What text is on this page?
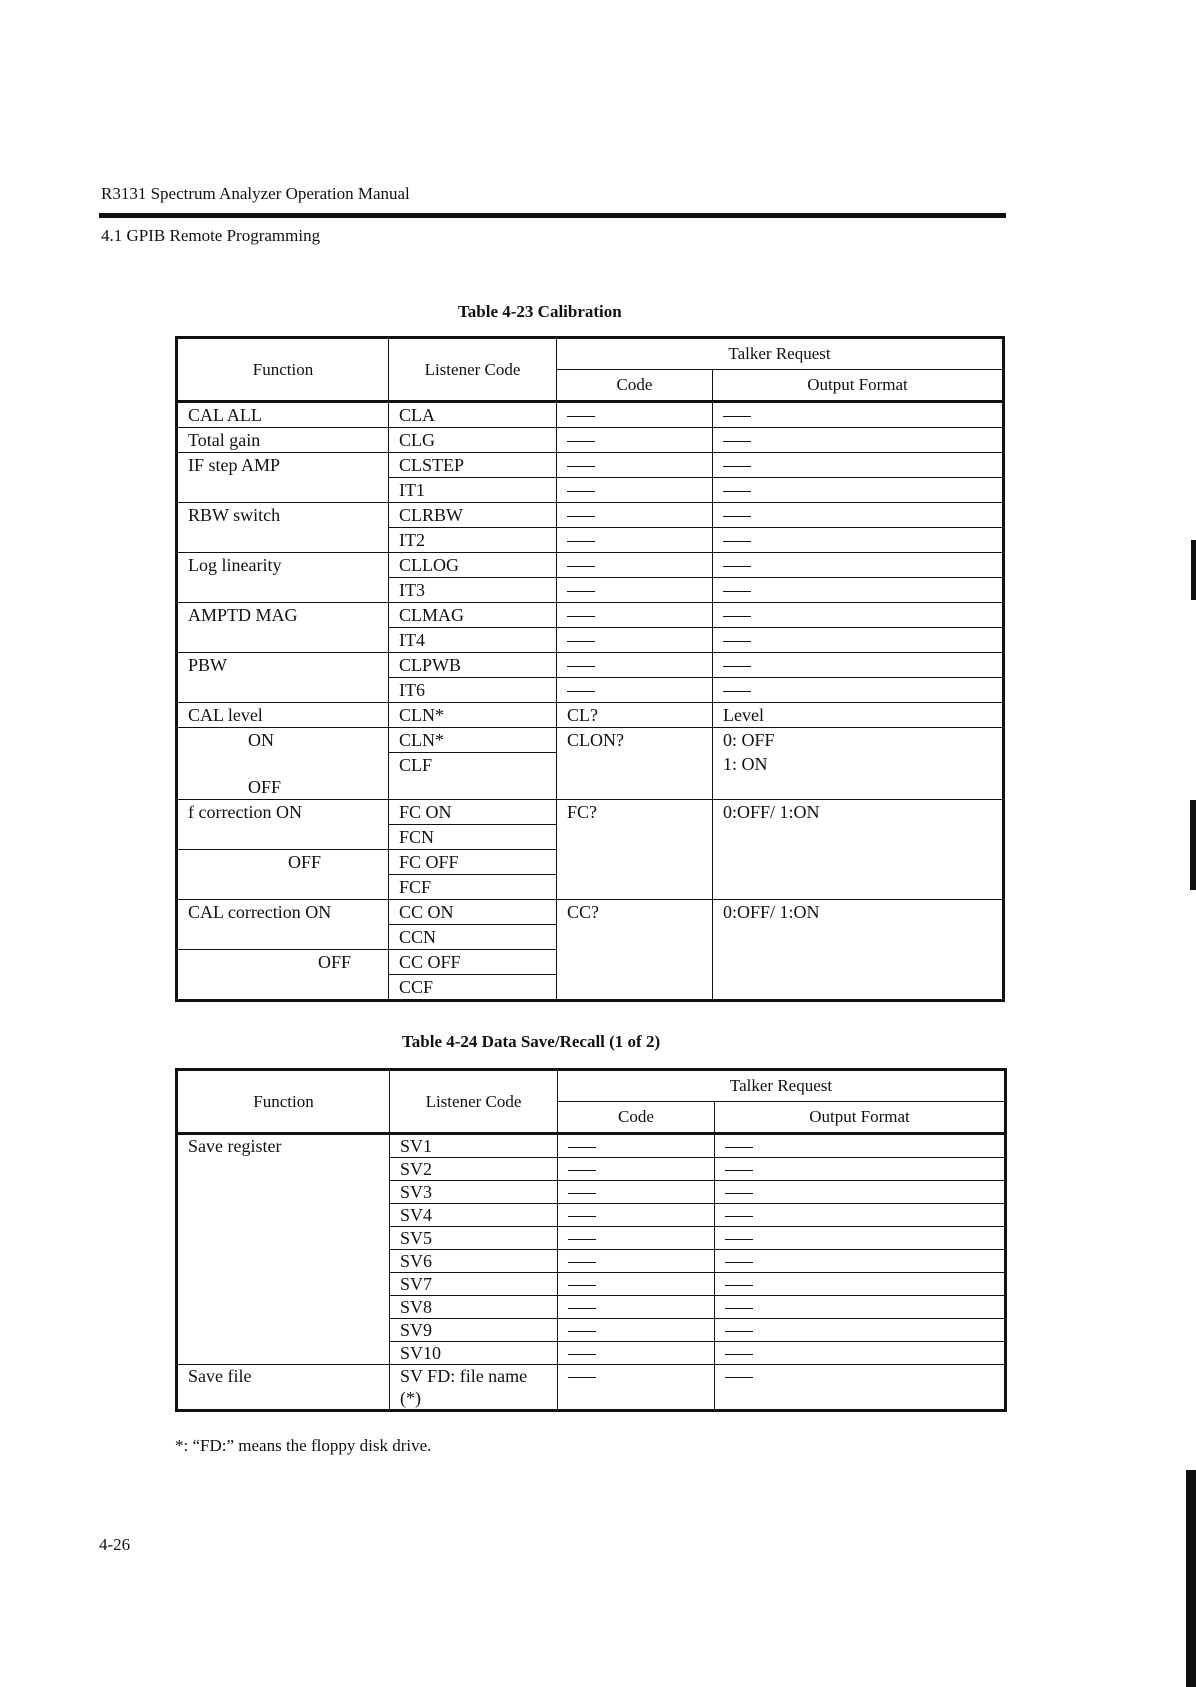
R3131 Spectrum Analyzer Operation Manual
4.1 GPIB Remote Programming
Table 4-23 Calibration
Function	Listener Code	Talker Request	
		Code	Output Format
CAL ALL	CLA		
Total gain	CLG		
IF step AMP	CLSTEP		
	IT1		
RBW switch	CLRBW		
	IT2		
Log linearity	CLLOG		
	IT3		
AMPTD MAG	CLMAG		
	IT4		
PBW	CLPWB		
	IT6		
CAL level	CLN*	CL?	Level

ON	CLN*	CLON?	0: OFF
1: ON

OFF	CLF		
f correction ON	FC ON	FC?	0:OFF/ 1:ON
	FCN		

OFF	FC OFF		
	FCF		
CAL correction ON	CC ON	CC?	0:OFF/ 1:ON
	CCN		

OFF	CC OFF		
	CCF		
Table 4-24 Data Save/Recall (1 of 2)
Function	Listener Code	Talker Request	
		Code	Output Format
Save register	SV1		
	SV2		
	SV3		
	SV4		
	SV5		
	SV6		
	SV7		
	SV8		
	SV9		
	SV10		
Save file	SV FD: file name
(*)		

*: “FD:” means the floppy disk drive.
4-26
